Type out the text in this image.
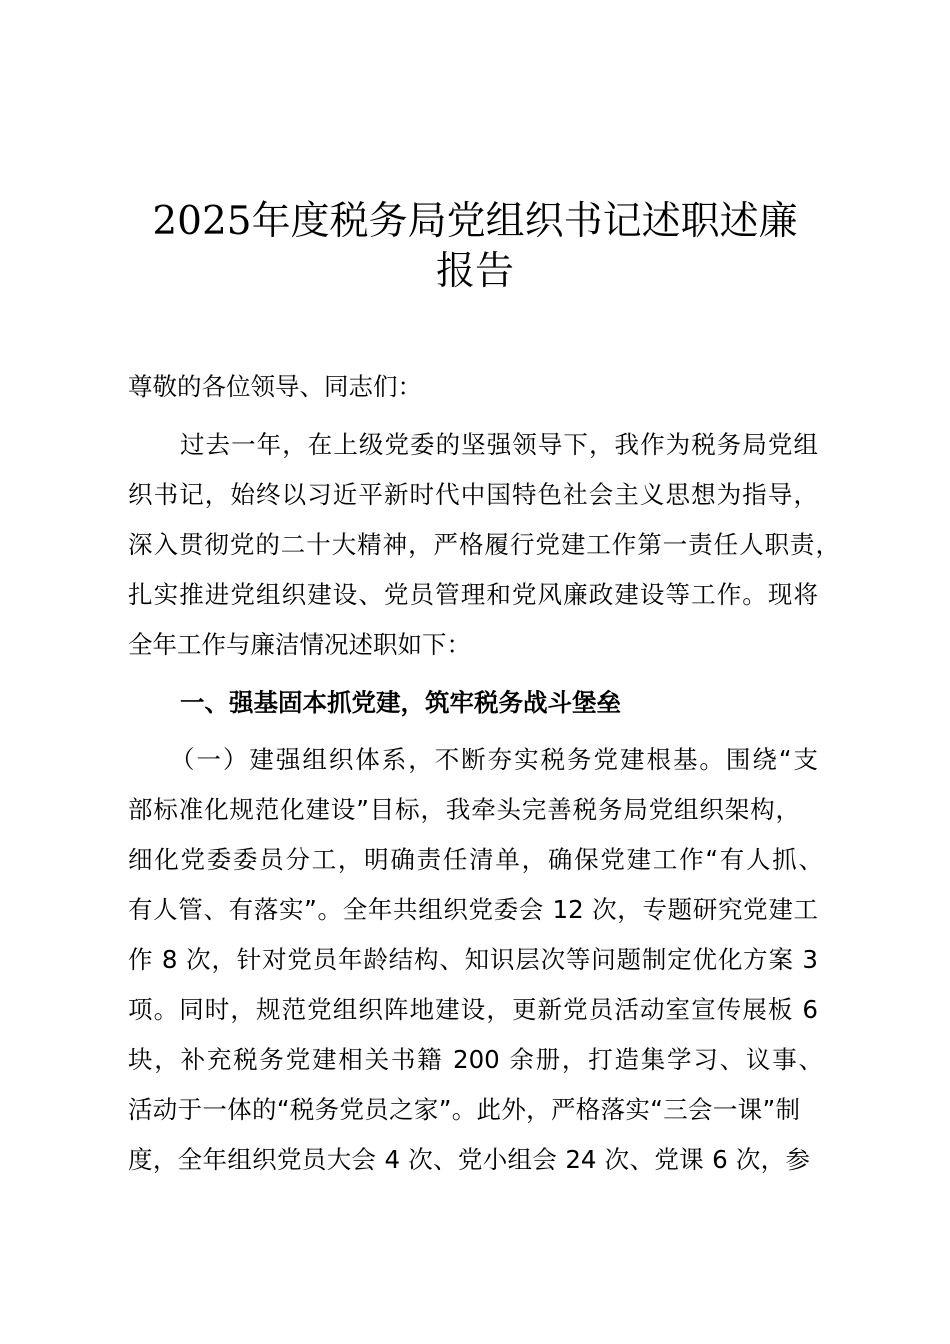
2025年度税务局党组织书记述职述廉
报告
尊敬的各位领导、同志们：
过去一年，在上级党委的坚强领导下，我作为税务局党组
织书记，始终以习近平新时代中国特色社会主义思想为指导，
深入贯彻党的二十大精神，严格履行党建工作第一责任人职责，
扎实推进党组织建设、党员管理和党风廉政建设等工作。现将
全年工作与廉洁情况述职如下：
一、强基固本抓党建，筑牢税务战斗堡垒
（一）建强组织体系，不断夯实税务党建根基。围绕“支
部标准化规范化建设”目标，我牵头完善税务局党组织架构，
细化党委委员分工，明确责任清单，确保党建工作“有人抓、
有人管、有落实”。全年共组织党委会 12 次，专题研究党建工
作 8 次，针对党员年龄结构、知识层次等问题制定优化方案 3
项。同时，规范党组织阵地建设，更新党员活动室宣传展板 6
块，补充税务党建相关书籍 200 余册，打造集学习、议事、
活动于一体的“税务党员之家”。此外，严格落实“三会一课”制
度，全年组织党员大会 4 次、党小组会 24 次、党课 6 次，参
